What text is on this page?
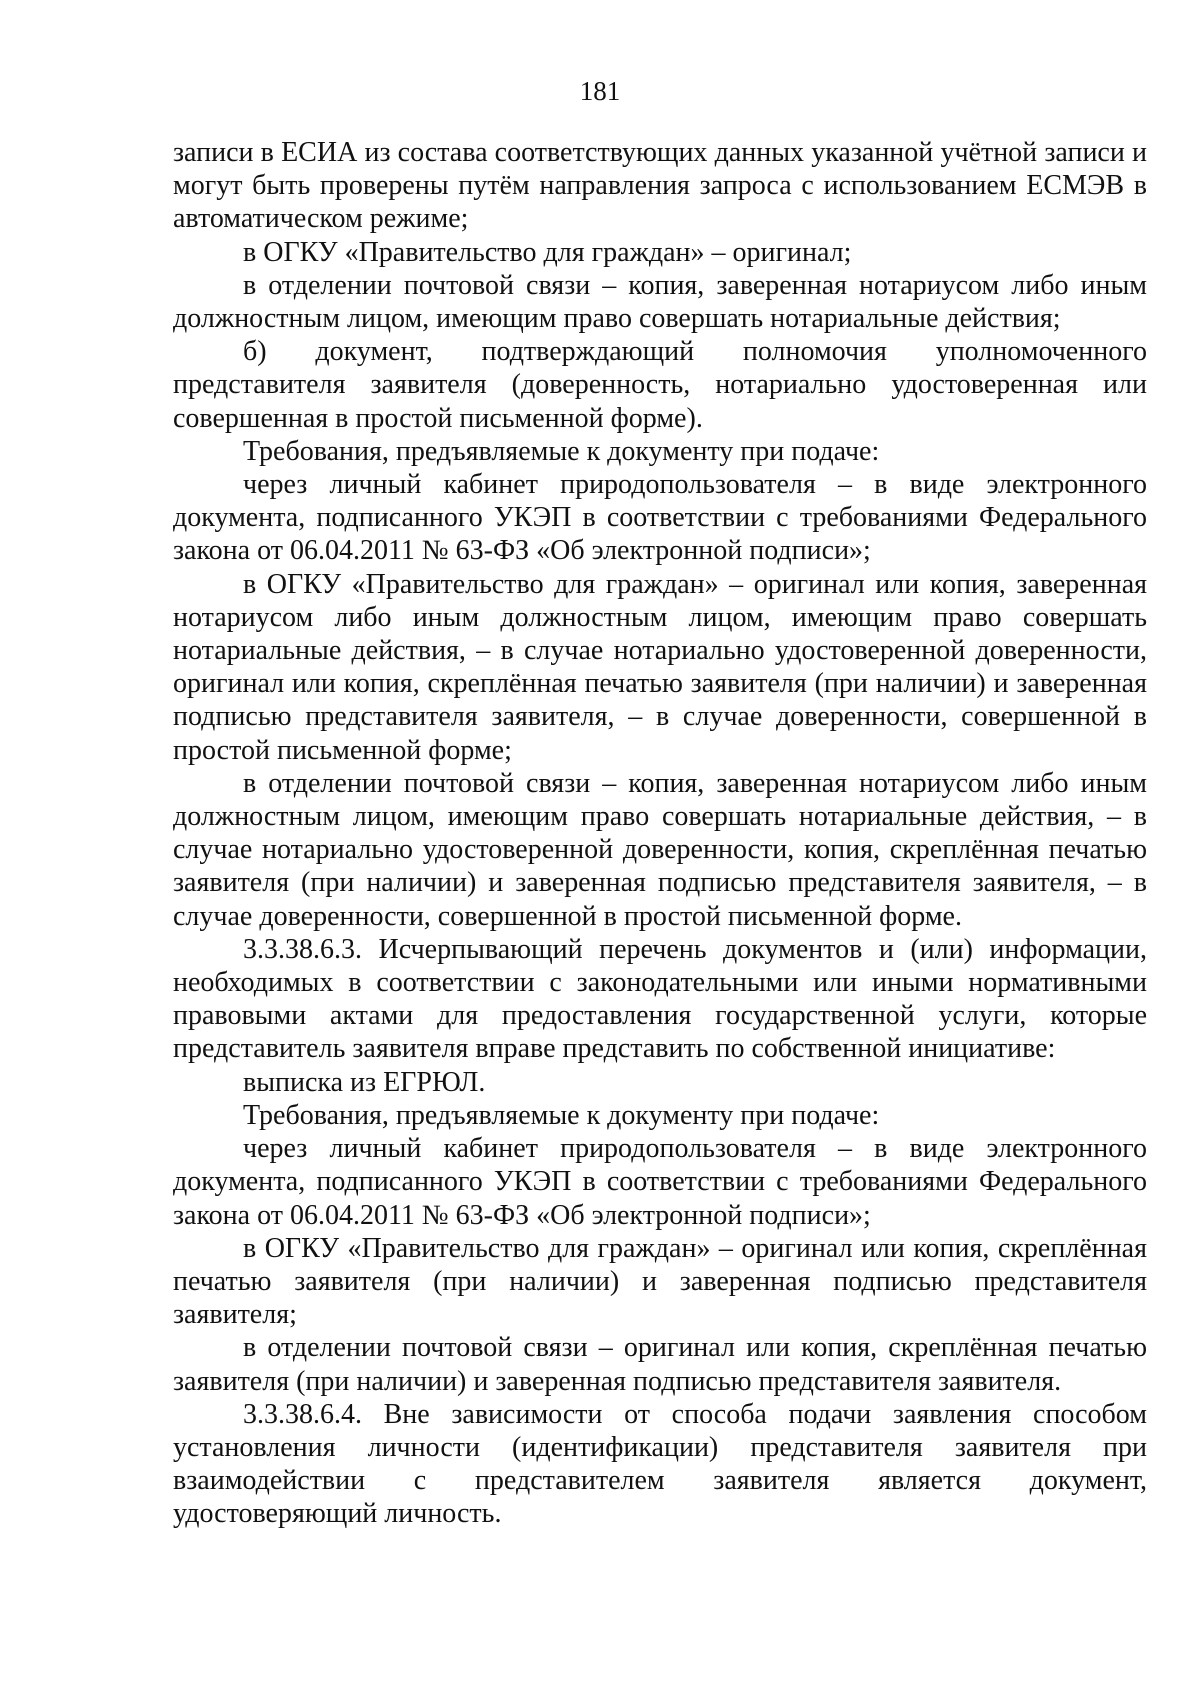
181

записи в ЕСИА из состава соответствующих данных указанной учётной записи и могут быть проверены путём направления запроса с использованием ЕСМЭВ в автоматическом режиме;

в ОГКУ «Правительство для граждан» – оригинал;

в отделении почтовой связи – копия, заверенная нотариусом либо иным должностным лицом, имеющим право совершать нотариальные действия;

б) документ, подтверждающий полномочия уполномоченного представителя заявителя (доверенность, нотариально удостоверенная или совершенная в простой письменной форме).

Требования, предъявляемые к документу при подаче:

через личный кабинет природопользователя – в виде электронного документа, подписанного УКЭП в соответствии с требованиями Федерального закона от 06.04.2011 № 63-ФЗ «Об электронной подписи»;

в ОГКУ «Правительство для граждан» – оригинал или копия, заверенная нотариусом либо иным должностным лицом, имеющим право совершать нотариальные действия, – в случае нотариально удостоверенной доверенности, оригинал или копия, скреплённая печатью заявителя (при наличии) и заверенная подписью представителя заявителя, – в случае доверенности, совершенной в простой письменной форме;

в отделении почтовой связи – копия, заверенная нотариусом либо иным должностным лицом, имеющим право совершать нотариальные действия, – в случае нотариально удостоверенной доверенности, копия, скреплённая печатью заявителя (при наличии) и заверенная подписью представителя заявителя, – в случае доверенности, совершенной в простой письменной форме.

3.3.38.6.3. Исчерпывающий перечень документов и (или) информации, необходимых в соответствии с законодательными или иными нормативными правовыми актами для предоставления государственной услуги, которые представитель заявителя вправе представить по собственной инициативе:

выписка из ЕГРЮЛ.

Требования, предъявляемые к документу при подаче:

через личный кабинет природопользователя – в виде электронного документа, подписанного УКЭП в соответствии с требованиями Федерального закона от 06.04.2011 № 63-ФЗ «Об электронной подписи»;

в ОГКУ «Правительство для граждан» – оригинал или копия, скреплённая печатью заявителя (при наличии) и заверенная подписью представителя заявителя;

в отделении почтовой связи – оригинал или копия, скреплённая печатью заявителя (при наличии) и заверенная подписью представителя заявителя.

3.3.38.6.4. Вне зависимости от способа подачи заявления способом установления личности (идентификации) представителя заявителя при взаимодействии с представителем заявителя является документ, удостоверяющий личность.
